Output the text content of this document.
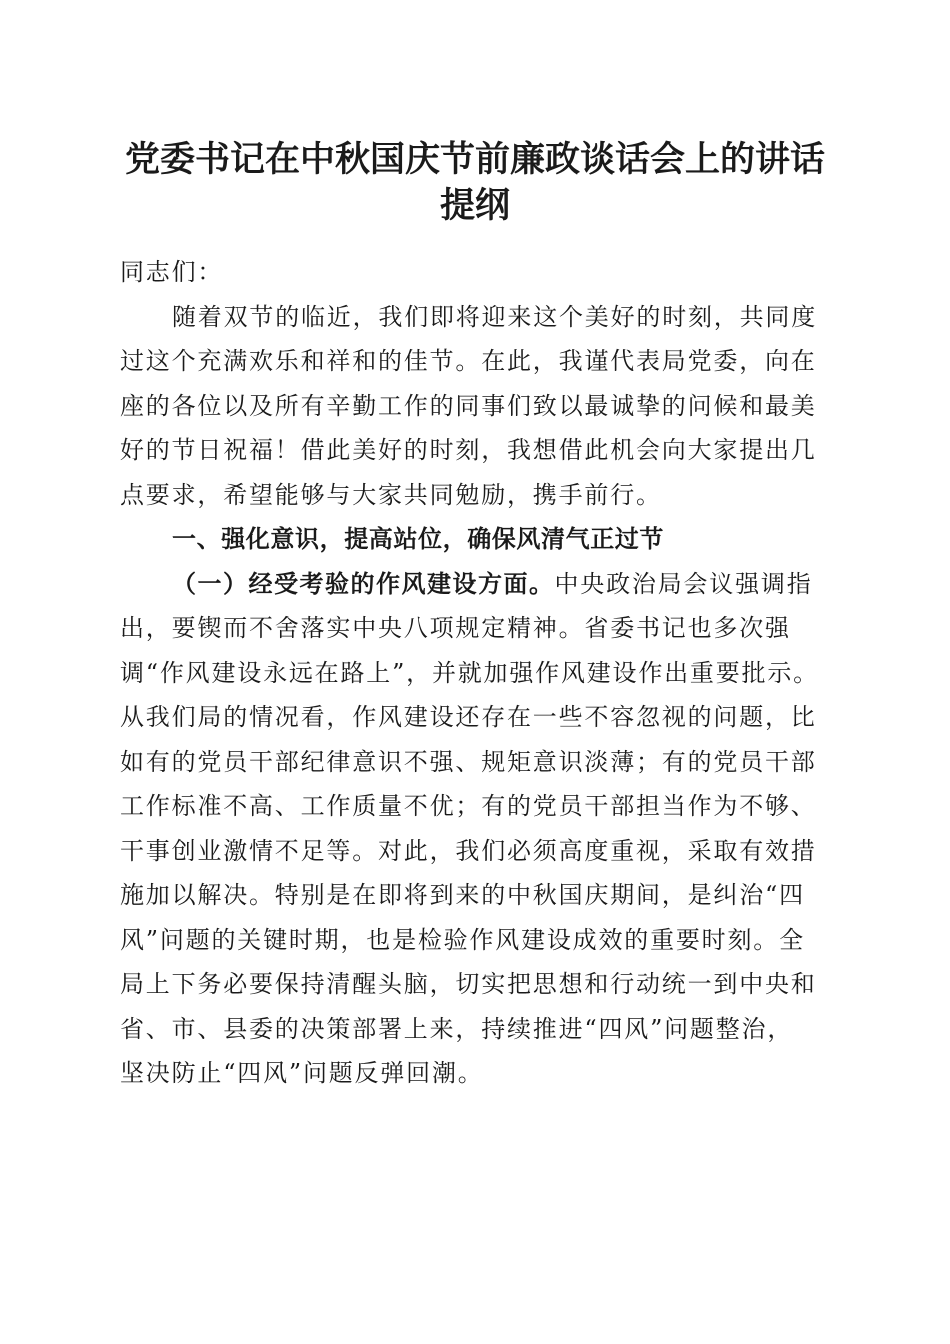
党委书记在中秋国庆节前廉政谈话会上的讲话
提纲
同志们：
随着双节的临近，我们即将迎来这个美好的时刻，共同度
过这个充满欢乐和祥和的佳节。在此，我谨代表局党委，向在
座的各位以及所有辛勤工作的同事们致以最诚挚的问候和最美
好的节日祝福！借此美好的时刻，我想借此机会向大家提出几
点要求，希望能够与大家共同勉励，携手前行。
一、强化意识，提高站位，确保风清气正过节
（一）经受考验的作风建设方面。中央政治局会议强调指
出，要锲而不舍落实中央八项规定精神。省委书记也多次强
调“作风建设永远在路上”，并就加强作风建设作出重要批示。
从我们局的情况看，作风建设还存在一些不容忽视的问题，比
如有的党员干部纪律意识不强、规矩意识淡薄；有的党员干部
工作标准不高、工作质量不优；有的党员干部担当作为不够、
干事创业激情不足等。对此，我们必须高度重视，采取有效措
施加以解决。特别是在即将到来的中秋国庆期间，是纠治“四
风”问题的关键时期，也是检验作风建设成效的重要时刻。全
局上下务必要保持清醒头脑，切实把思想和行动统一到中央和
省、市、县委的决策部署上来，持续推进“四风”问题整治，
坚决防止“四风”问题反弹回潮。
